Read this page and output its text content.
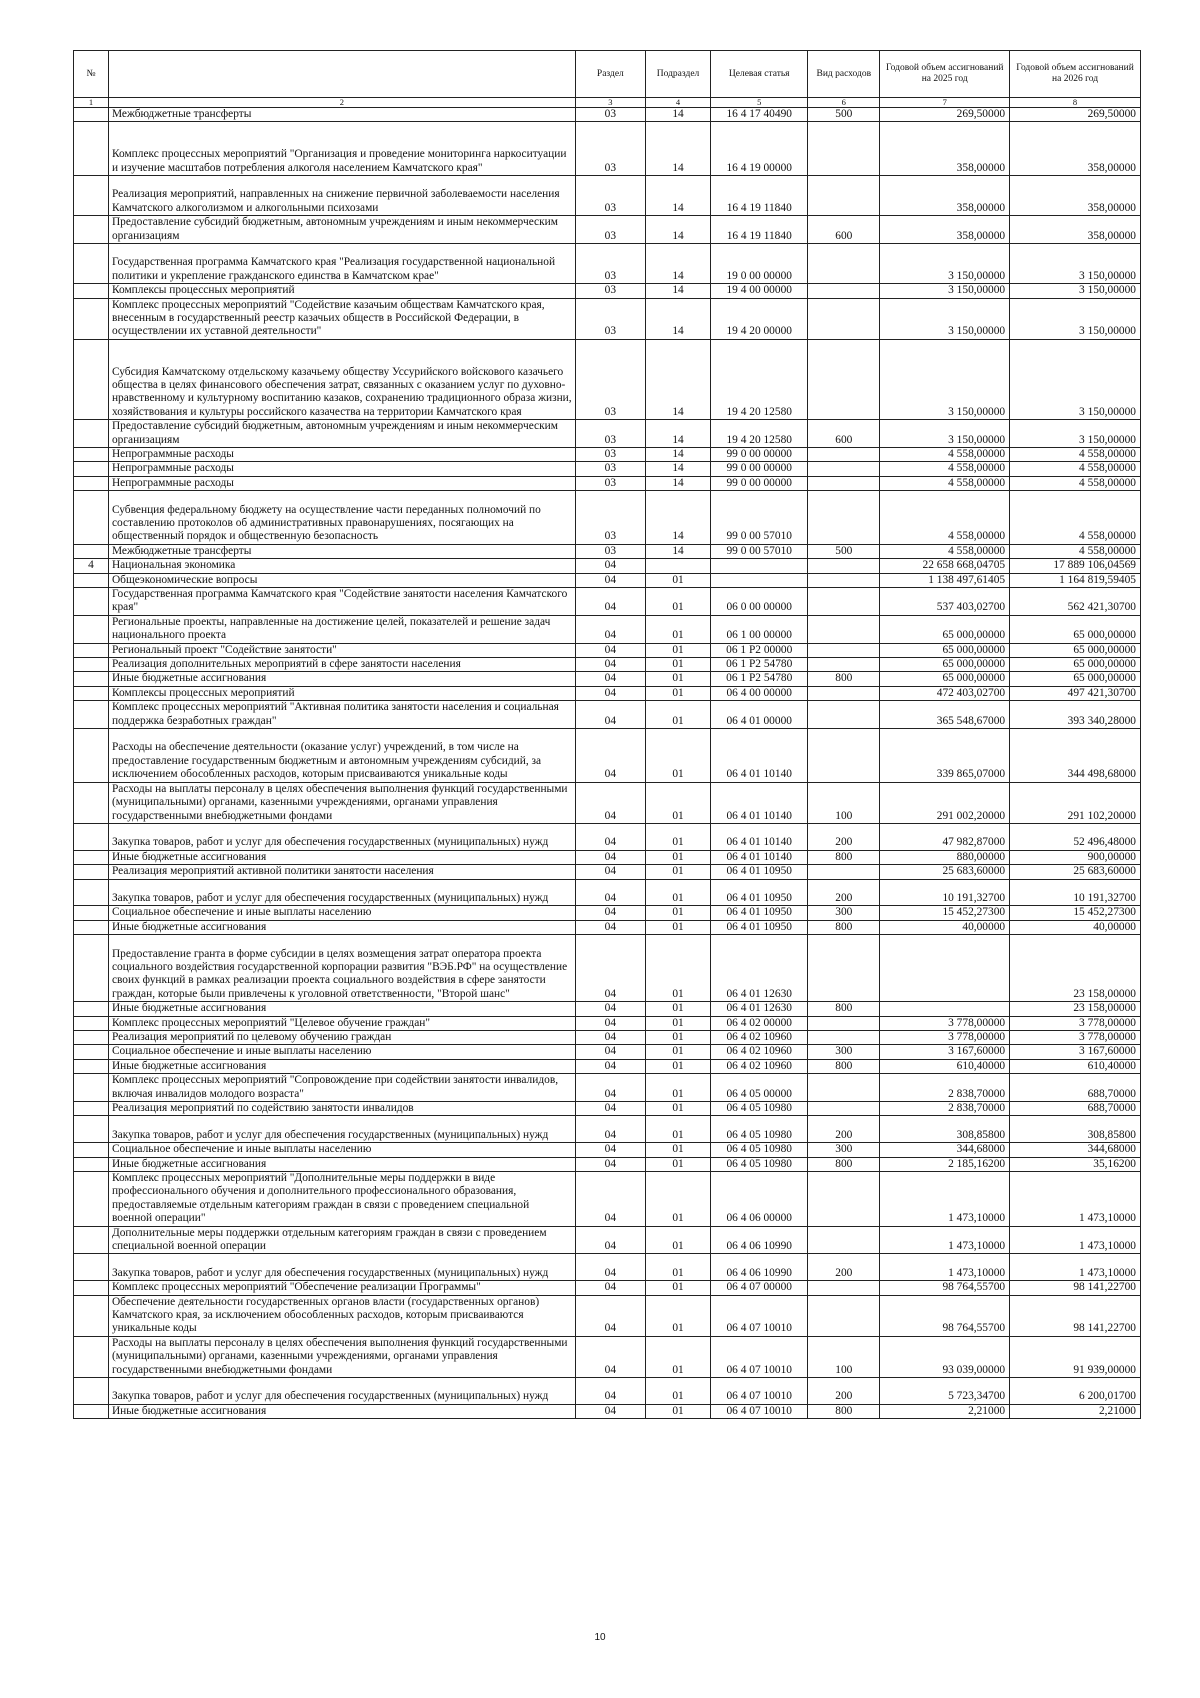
№		Раздел	Подраздел	Целевая статья	Вид расходов	Годовой объем ассигнований на 2025 год	Годовой объем ассигнований на 2026 год
1	2	3	4	5	6	7	8
	Межбюджетные трансферты	03	14	16 4 17 40490	500	269,50000	269,50000
	Комплекс процессных мероприятий "Организация и проведение мониторинга наркоситуации и изучение масштабов потребления алкоголя населением Камчатского края"	03	14	16 4 19 00000		358,00000	358,00000
	Реализация мероприятий, направленных на снижение первичной заболеваемости населения Камчатского алкоголизмом и алкогольными психозами	03	14	16 4 19 11840		358,00000	358,00000
	Предоставление субсидий бюджетным, автономным учреждениям и иным некоммерческим организациям	03	14	16 4 19 11840	600	358,00000	358,00000
	Государственная программа Камчатского края "Реализация государственной национальной политики и укрепление гражданского единства в Камчатском крае"	03	14	19 0 00 00000		3 150,00000	3 150,00000
	Комплексы процессных мероприятий	03	14	19 4 00 00000		3 150,00000	3 150,00000
	Комплекс процессных мероприятий "Содействие казачьим обществам Камчатского края, внесенным в государственный реестр казачьих обществ в Российской Федерации, в осуществлении их уставной деятельности"	03	14	19 4 20 00000		3 150,00000	3 150,00000
	Субсидия Камчатскому отдельскому казачьему обществу Уссурийского войскового казачьего общества в целях финансового обеспечения затрат, связанных с оказанием услуг по духовно-нравственному и культурному воспитанию казаков, сохранению традиционного образа жизни, хозяйствования и культуры российского казачества на территории Камчатского края	03	14	19 4 20 12580		3 150,00000	3 150,00000
	Предоставление субсидий бюджетным, автономным учреждениям и иным некоммерческим организациям	03	14	19 4 20 12580	600	3 150,00000	3 150,00000
	Непрограммные расходы	03	14	99 0 00 00000		4 558,00000	4 558,00000
	Непрограммные расходы	03	14	99 0 00 00000		4 558,00000	4 558,00000
	Непрограммные расходы	03	14	99 0 00 00000		4 558,00000	4 558,00000
	Субвенция федеральному бюджету на осуществление части переданных полномочий по составлению протоколов об административных правонарушениях, посягающих на общественный порядок и общественную безопасность	03	14	99 0 00 57010		4 558,00000	4 558,00000
	Межбюджетные трансферты	03	14	99 0 00 57010	500	4 558,00000	4 558,00000
4	Национальная экономика	04				22 658 668,04705	17 889 106,04569
	Общеэкономические вопросы	04	01			1 138 497,61405	1 164 819,59405
	Государственная программа Камчатского края "Содействие занятости населения Камчатского края"	04	01	06 0 00 00000		537 403,02700	562 421,30700
	Региональные проекты, направленные на достижение целей, показателей и решение задач национального проекта	04	01	06 1 00 00000		65 000,00000	65 000,00000
	Региональный проект "Содействие занятости"	04	01	06 1 P2 00000		65 000,00000	65 000,00000
	Реализация дополнительных мероприятий в сфере занятости населения	04	01	06 1 P2 54780		65 000,00000	65 000,00000
	Иные бюджетные ассигнования	04	01	06 1 P2 54780	800	65 000,00000	65 000,00000
	Комплексы процессных мероприятий	04	01	06 4 00 00000		472 403,02700	497 421,30700
	Комплекс процессных мероприятий "Активная политика занятости населения и социальная поддержка безработных граждан"	04	01	06 4 01 00000		365 548,67000	393 340,28000
	Расходы на обеспечение деятельности (оказание услуг) учреждений, в том числе на предоставление государственным бюджетным и автономным учреждениям субсидий, за исключением обособленных расходов, которым присваиваются уникальные коды	04	01	06 4 01 10140		339 865,07000	344 498,68000
	Расходы на выплаты персоналу в целях обеспечения выполнения функций государственными (муниципальными) органами, казенными учреждениями, органами управления государственными внебюджетными фондами	04	01	06 4 01 10140	100	291 002,20000	291 102,20000
	Закупка товаров, работ и услуг для обеспечения государственных (муниципальных) нужд	04	01	06 4 01 10140	200	47 982,87000	52 496,48000
	Иные бюджетные ассигнования	04	01	06 4 01 10140	800	880,00000	900,00000
	Реализация мероприятий активной политики занятости населения	04	01	06 4 01 10950		25 683,60000	25 683,60000
	Закупка товаров, работ и услуг для обеспечения государственных (муниципальных) нужд	04	01	06 4 01 10950	200	10 191,32700	10 191,32700
	Социальное обеспечение и иные выплаты населению	04	01	06 4 01 10950	300	15 452,27300	15 452,27300
	Иные бюджетные ассигнования	04	01	06 4 01 10950	800	40,00000	40,00000
	Предоставление гранта в форме субсидии в целях возмещения затрат оператора проекта социального воздействия государственной корпорации развития "ВЭБ.РФ" на осуществление своих функций в рамках реализации проекта социального воздействия в сфере занятости граждан, которые были привлечены к уголовной ответственности, "Второй шанс"	04	01	06 4 01 12630			23 158,00000
	Иные бюджетные ассигнования	04	01	06 4 01 12630	800		23 158,00000
	Комплекс процессных мероприятий "Целевое обучение граждан"	04	01	06 4 02 00000		3 778,00000	3 778,00000
	Реализация мероприятий по целевому обучению граждан	04	01	06 4 02 10960		3 778,00000	3 778,00000
	Социальное обеспечение и иные выплаты населению	04	01	06 4 02 10960	300	3 167,60000	3 167,60000
	Иные бюджетные ассигнования	04	01	06 4 02 10960	800	610,40000	610,40000
	Комплекс процессных мероприятий "Сопровождение при содействии занятости инвалидов, включая инвалидов молодого возраста"	04	01	06 4 05 00000		2 838,70000	688,70000
	Реализация мероприятий по содействию занятости инвалидов	04	01	06 4 05 10980		2 838,70000	688,70000
	Закупка товаров, работ и услуг для обеспечения государственных (муниципальных) нужд	04	01	06 4 05 10980	200	308,85800	308,85800
	Социальное обеспечение и иные выплаты населению	04	01	06 4 05 10980	300	344,68000	344,68000
	Иные бюджетные ассигнования	04	01	06 4 05 10980	800	2 185,16200	35,16200
	Комплекс процессных мероприятий "Дополнительные меры поддержки в виде профессионального обучения и дополнительного профессионального образования, предоставляемые отдельным категориям граждан в связи с проведением специальной военной операции"	04	01	06 4 06 00000		1 473,10000	1 473,10000
	Дополнительные меры поддержки отдельным категориям граждан в связи с проведением специальной военной операции	04	01	06 4 06 10990		1 473,10000	1 473,10000
	Закупка товаров, работ и услуг для обеспечения государственных (муниципальных) нужд	04	01	06 4 06 10990	200	1 473,10000	1 473,10000
	Комплекс процессных мероприятий "Обеспечение реализации Программы"	04	01	06 4 07 00000		98 764,55700	98 141,22700
	Обеспечение деятельности государственных органов власти (государственных органов) Камчатского края, за исключением обособленных расходов, которым присваиваются уникальные коды	04	01	06 4 07 10010		98 764,55700	98 141,22700
	Расходы на выплаты персоналу в целях обеспечения выполнения функций государственными (муниципальными) органами, казенными учреждениями, органами управления государственными внебюджетными фондами	04	01	06 4 07 10010	100	93 039,00000	91 939,00000
	Закупка товаров, работ и услуг для обеспечения государственных (муниципальных) нужд	04	01	06 4 07 10010	200	5 723,34700	6 200,01700
	Иные бюджетные ассигнования	04	01	06 4 07 10010	800	2,21000	2,21000
10
